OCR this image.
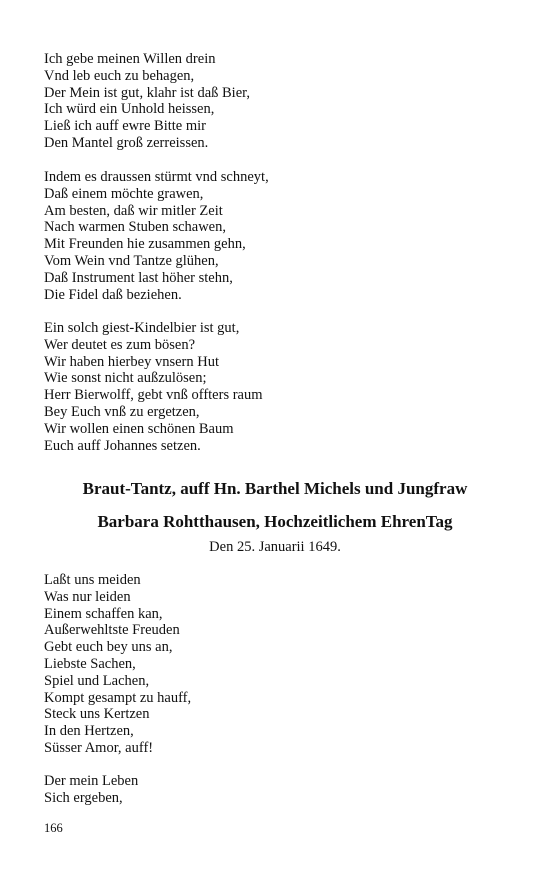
Ich gebe meinen Willen drein
Vnd leb euch zu behagen,
Der Mein ist gut, klahr ist daß Bier,
Ich würd ein Unhold heissen,
Ließ ich auff ewre Bitte mir
Den Mantel groß zerreissen.
Indem es draussen stürmt vnd schneyt,
Daß einem möchte grawen,
Am besten, daß wir mitler Zeit
Nach warmen Stuben schawen,
Mit Freunden hie zusammen gehn,
Vom Wein vnd Tantze glühen,
Daß Instrument last höher stehn,
Die Fidel daß beziehen.
Ein solch giest-Kindelbier ist gut,
Wer deutet es zum bösen?
Wir haben hierbey vnsern Hut
Wie sonst nicht außzulösen;
Herr Bierwolff, gebt vnß offters raum
Bey Euch vnß zu ergetzen,
Wir wollen einen schönen Baum
Euch auff Johannes setzen.
Braut-Tantz, auff Hn. Barthel Michels und Jungfraw
Barbara Rohtthausen, Hochzeitlichem EhrenTag
Den 25. Januarii 1649.
Laßt uns meiden
Was nur leiden
Einem schaffen kan,
Außerwehltste Freuden
Gebt euch bey uns an,
Liebste Sachen,
Spiel und Lachen,
Kompt gesampt zu hauff,
Steck uns Kertzen
In den Hertzen,
Süsser Amor, auff!
Der mein Leben
Sich ergeben,
166
